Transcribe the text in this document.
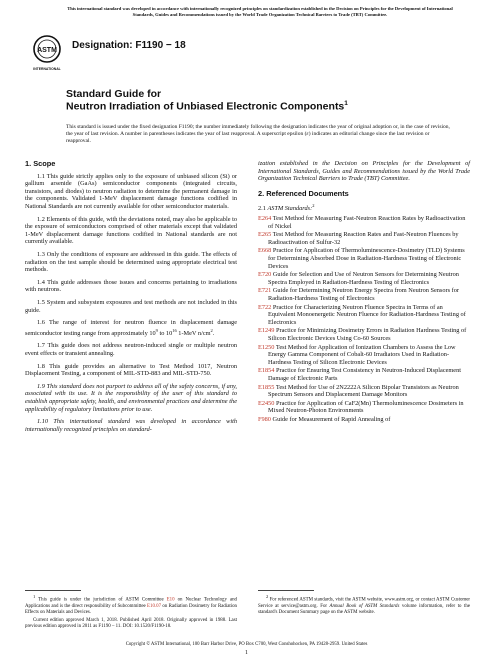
This international standard was developed in accordance with internationally recognized principles on standardization established in the Decision on Principles for the Development of International Standards, Guides and Recommendations issued by the World Trade Organization Technical Barriers to Trade (TBT) Committee.
ASTM
INTERNATIONAL
Designation: F1190 − 18
Standard Guide for
Neutron Irradiation of Unbiased Electronic Components$^1$
This standard is issued under the fixed designation F1190; the number immediately following the designation indicates the year of original adoption or, in the case of revision, the year of last revision. A number in parentheses indicates the year of last reapproval. A superscript epsilon (ε) indicates an editorial change since the last revision or reapproval.
1. Scope

1.1 This guide strictly applies only to the exposure of unbiased silicon (Si) or gallium arsenide (GaAs) semiconductor components (integrated circuits, transistors, and diodes) to neutron radiation to determine the permanent damage in the components. Validated 1-MeV displacement damage functions codified in National Standards are not currently available for other semiconductor materials.

1.2 Elements of this guide, with the deviations noted, may also be applicable to the exposure of semiconductors comprised of other materials except that validated 1-MeV displacement damage functions codified in National standards are not currently available.

1.3 Only the conditions of exposure are addressed in this guide. The effects of radiation on the test sample should be determined using appropriate electrical test methods.

1.4 This guide addresses those issues and concerns pertaining to irradiations with neutrons.

1.5 System and subsystem exposures and test methods are not included in this guide.

1.6 The range of interest for neutron fluence in displacement damage semiconductor testing range from approximately $10^9$ to $10^{16}$ 1-MeV $n/cm^2$.

1.7 This guide does not address neutron-induced single or multiple neutron event effects or transient annealing.

1.8 This guide provides an alternative to Test Method 1017, Neutron Displacement Testing, a component of MIL-STD-883 and MIL-STD-750.

1.9 This standard does not purport to address all of the safety concerns, if any, associated with its use. It is the responsibility of the user of this standard to establish appropriate safety, health, and environmental practices and determine the applicability of regulatory limitations prior to use.

1.10 This international standard was developed in accordance with internationally recognized principles on standard-

ization established in the Decision on Principles for the Development of International Standards, Guides and Recommendations issued by the World Trade Organization Technical Barriers to Trade (TBT) Committee.

2. Referenced Documents

2.1 ASTM Standards:$^2$

E264 Test Method for Measuring Fast-Neutron Reaction Rates by Radioactivation of Nickel

E265 Test Method for Measuring Reaction Rates and Fast-Neutron Fluences by Radioactivation of Sulfur-32

E668 Practice for Application of Thermoluminescence-Dosimetry (TLD) Systems for Determining Absorbed Dose in Radiation-Hardness Testing of Electronic Devices

E720 Guide for Selection and Use of Neutron Sensors for Determining Neutron Spectra Employed in Radiation-Hardness Testing of Electronics

E721 Guide for Determining Neutron Energy Spectra from Neutron Sensors for Radiation-Hardness Testing of Electronics

E722 Practice for Characterizing Neutron Fluence Spectra in Terms of an Equivalent Monoenergetic Neutron Fluence for Radiation-Hardness Testing of Electronics

E1249 Practice for Minimizing Dosimetry Errors in Radiation Hardness Testing of Silicon Electronic Devices Using Co-60 Sources

E1250 Test Method for Application of Ionization Chambers to Assess the Low Energy Gamma Component of Cobalt-60 Irradiators Used in Radiation-Hardness Testing of Silicon Electronic Devices

E1854 Practice for Ensuring Test Consistency in Neutron-Induced Displacement Damage of Electronic Parts

E1855 Test Method for Use of 2N2222A Silicon Bipolar Transistors as Neutron Spectrum Sensors and Displacement Damage Monitors

E2450 Practice for Application of CaF2(Mn) Thermoluminescence Dosimeters in Mixed Neutron-Photon Environments

F980 Guide for Measurement of Rapid Annealing of

$^1$ This guide is under the jurisdiction of ASTM Committee E10 on Nuclear Technology and Applications and is the direct responsibility of Subcommittee E10.07 on Radiation Dosimetry for Radiation Effects on Materials and Devices.

Current edition approved March 1, 2018. Published April 2018. Originally approved in 1988. Last previous edition approved in 2011 as F1190 – 11. DOI: 10.1520/F1190-18.

$^2$ For referenced ASTM standards, visit the ASTM website, www.astm.org, or contact ASTM Customer Service at service@astm.org. For Annual Book of ASTM Standards volume information, refer to the standard's Document Summary page on the ASTM website.

Copyright © ASTM International, 100 Barr Harbor Drive, PO Box C700, West Conshohocken, PA 19428-2959. United States
1
